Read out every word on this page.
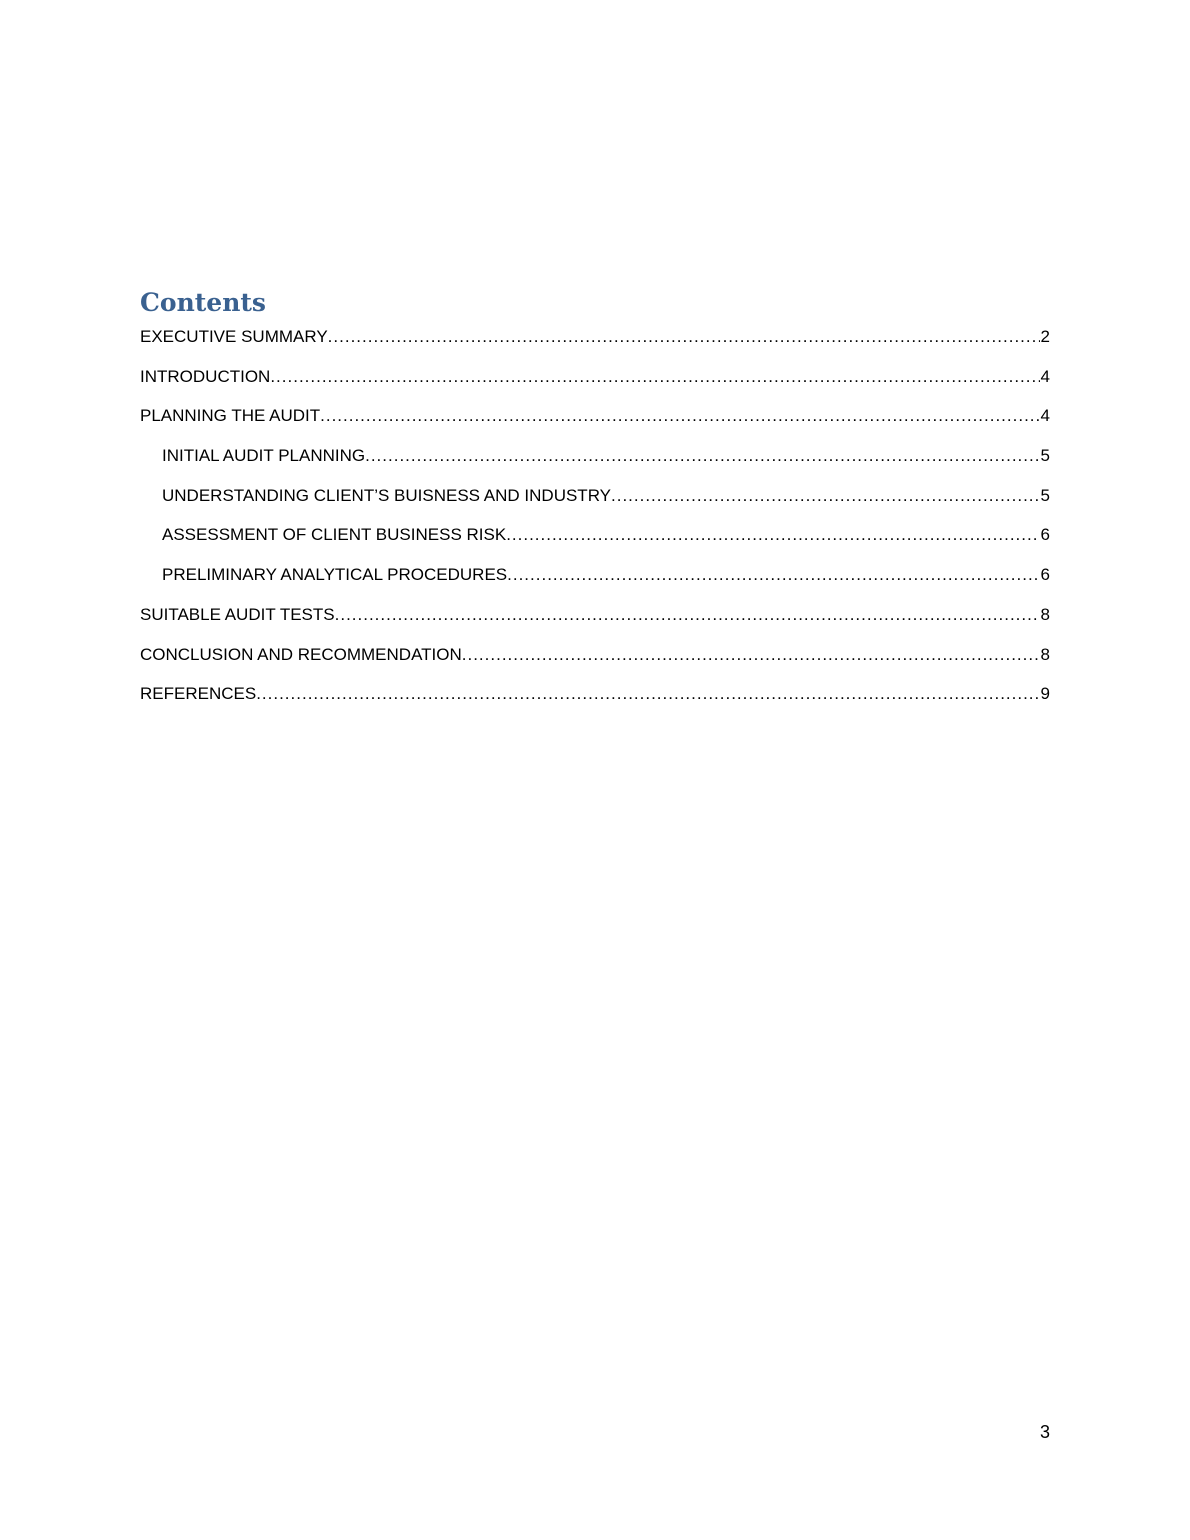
Contents
EXECUTIVE SUMMARY .....	2
INTRODUCTION .....	4
PLANNING THE AUDIT .....	4
INITIAL AUDIT PLANNING .....	5
UNDERSTANDING CLIENT’S BUISNESS AND INDUSTRY .....	5
ASSESSMENT OF CLIENT BUSINESS RISK .....	6
PRELIMINARY ANALYTICAL PROCEDURES .....	6
SUITABLE AUDIT TESTS .....	8
CONCLUSION AND RECOMMENDATION .....	8
REFERENCES .....	9
3
